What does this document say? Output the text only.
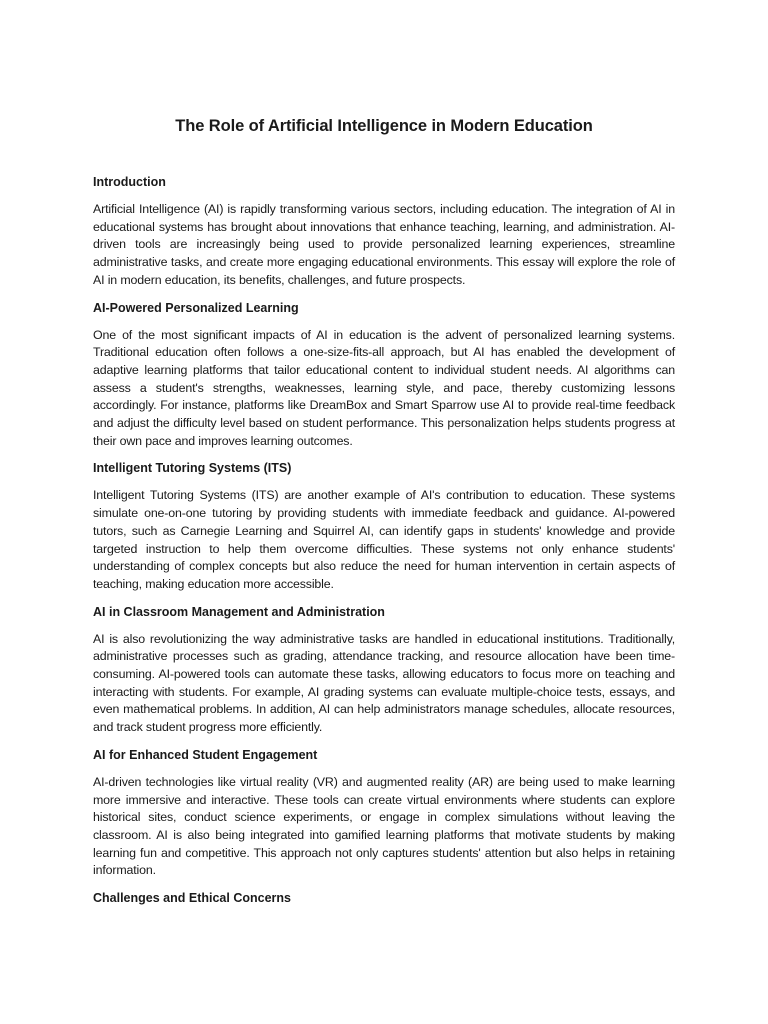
The Role of Artificial Intelligence in Modern Education
Introduction

Artificial Intelligence (AI) is rapidly transforming various sectors, including education. The integration of AI in educational systems has brought about innovations that enhance teaching, learning, and administration. AI-driven tools are increasingly being used to provide personalized learning experiences, streamline administrative tasks, and create more engaging educational environments. This essay will explore the role of AI in modern education, its benefits, challenges, and future prospects.

AI-Powered Personalized Learning

One of the most significant impacts of AI in education is the advent of personalized learning systems. Traditional education often follows a one-size-fits-all approach, but AI has enabled the development of adaptive learning platforms that tailor educational content to individual student needs. AI algorithms can assess a student's strengths, weaknesses, learning style, and pace, thereby customizing lessons accordingly. For instance, platforms like DreamBox and Smart Sparrow use AI to provide real-time feedback and adjust the difficulty level based on student performance. This personalization helps students progress at their own pace and improves learning outcomes.

Intelligent Tutoring Systems (ITS)

Intelligent Tutoring Systems (ITS) are another example of AI's contribution to education. These systems simulate one-on-one tutoring by providing students with immediate feedback and guidance. AI-powered tutors, such as Carnegie Learning and Squirrel AI, can identify gaps in students' knowledge and provide targeted instruction to help them overcome difficulties. These systems not only enhance students' understanding of complex concepts but also reduce the need for human intervention in certain aspects of teaching, making education more accessible.

AI in Classroom Management and Administration

AI is also revolutionizing the way administrative tasks are handled in educational institutions. Traditionally, administrative processes such as grading, attendance tracking, and resource allocation have been time-consuming. AI-powered tools can automate these tasks, allowing educators to focus more on teaching and interacting with students. For example, AI grading systems can evaluate multiple-choice tests, essays, and even mathematical problems. In addition, AI can help administrators manage schedules, allocate resources, and track student progress more efficiently.

AI for Enhanced Student Engagement

AI-driven technologies like virtual reality (VR) and augmented reality (AR) are being used to make learning more immersive and interactive. These tools can create virtual environments where students can explore historical sites, conduct science experiments, or engage in complex simulations without leaving the classroom. AI is also being integrated into gamified learning platforms that motivate students by making learning fun and competitive. This approach not only captures students' attention but also helps in retaining information.

Challenges and Ethical Concerns
